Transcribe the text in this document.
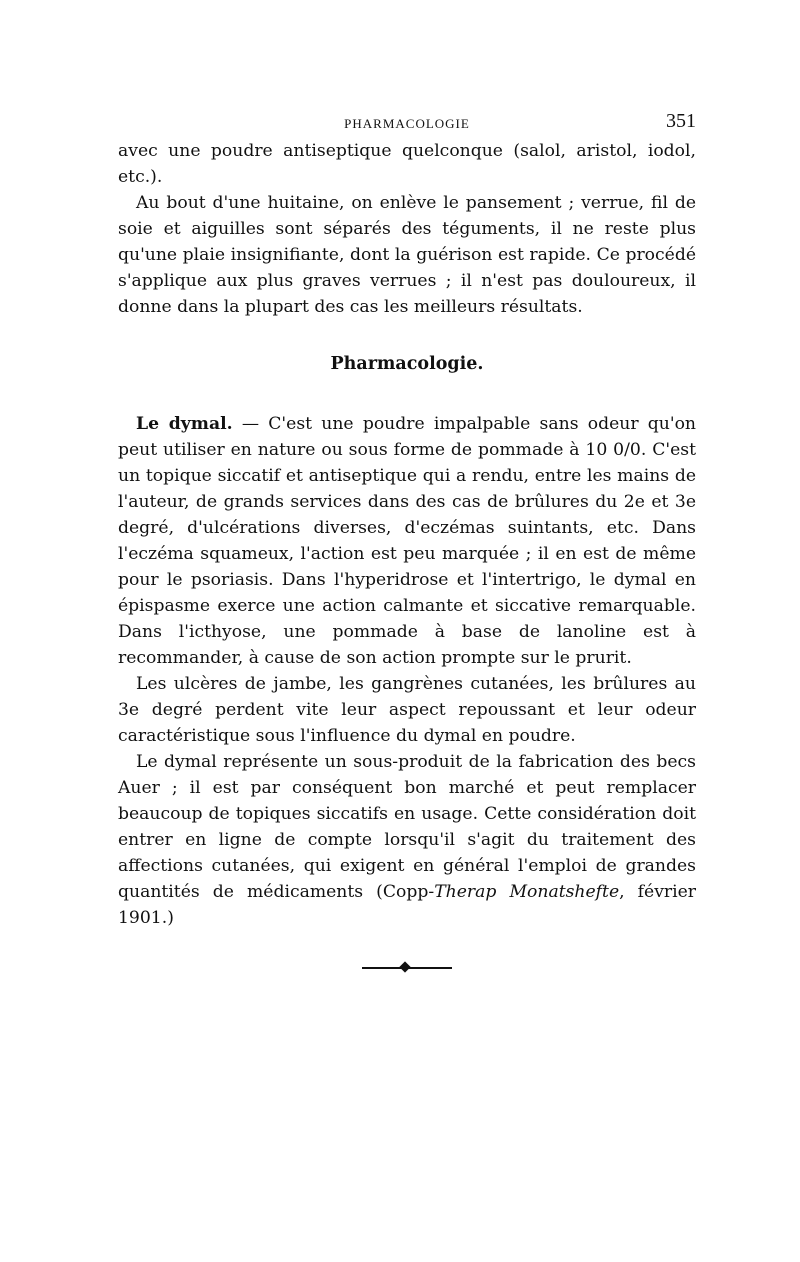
PHARMACOLOGIE	351

avec une poudre antiseptique quelconque (salol, aristol, iodol, etc.).

Au bout d'une huitaine, on enlève le pansement ; verrue, fil de soie et aiguilles sont séparés des téguments, il ne reste plus qu'une plaie insignifiante, dont la guérison est rapide. Ce procédé s'applique aux plus graves verrues ; il n'est pas douloureux, il donne dans la plupart des cas les meilleurs résultats.

Pharmacologie.

Le dymal. — C'est une poudre impalpable sans odeur qu'on peut utiliser en nature ou sous forme de pommade à 10 0/0. C'est un topique siccatif et antiseptique qui a rendu, entre les mains de l'auteur, de grands services dans des cas de brûlures du 2e et 3e degré, d'ulcérations diverses, d'eczémas suintants, etc. Dans l'eczéma squameux, l'action est peu marquée ; il en est de même pour le psoriasis. Dans l'hyperidrose et l'intertrigo, le dymal en épispasme exerce une action calmante et siccative remarquable. Dans l'icthyose, une pommade à base de lanoline est à recommander, à cause de son action prompte sur le prurit.

Les ulcères de jambe, les gangrènes cutanées, les brûlures au 3e degré perdent vite leur aspect repoussant et leur odeur caractéristique sous l'influence du dymal en poudre.

Le dymal représente un sous-produit de la fabrication des becs Auer ; il est par conséquent bon marché et peut remplacer beaucoup de topiques siccatifs en usage. Cette considération doit entrer en ligne de compte lorsqu'il s'agit du traitement des affections cutanées, qui exigent en général l'emploi de grandes quantités de médicaments (Copp-Therap Monatshefte, février 1901.)
